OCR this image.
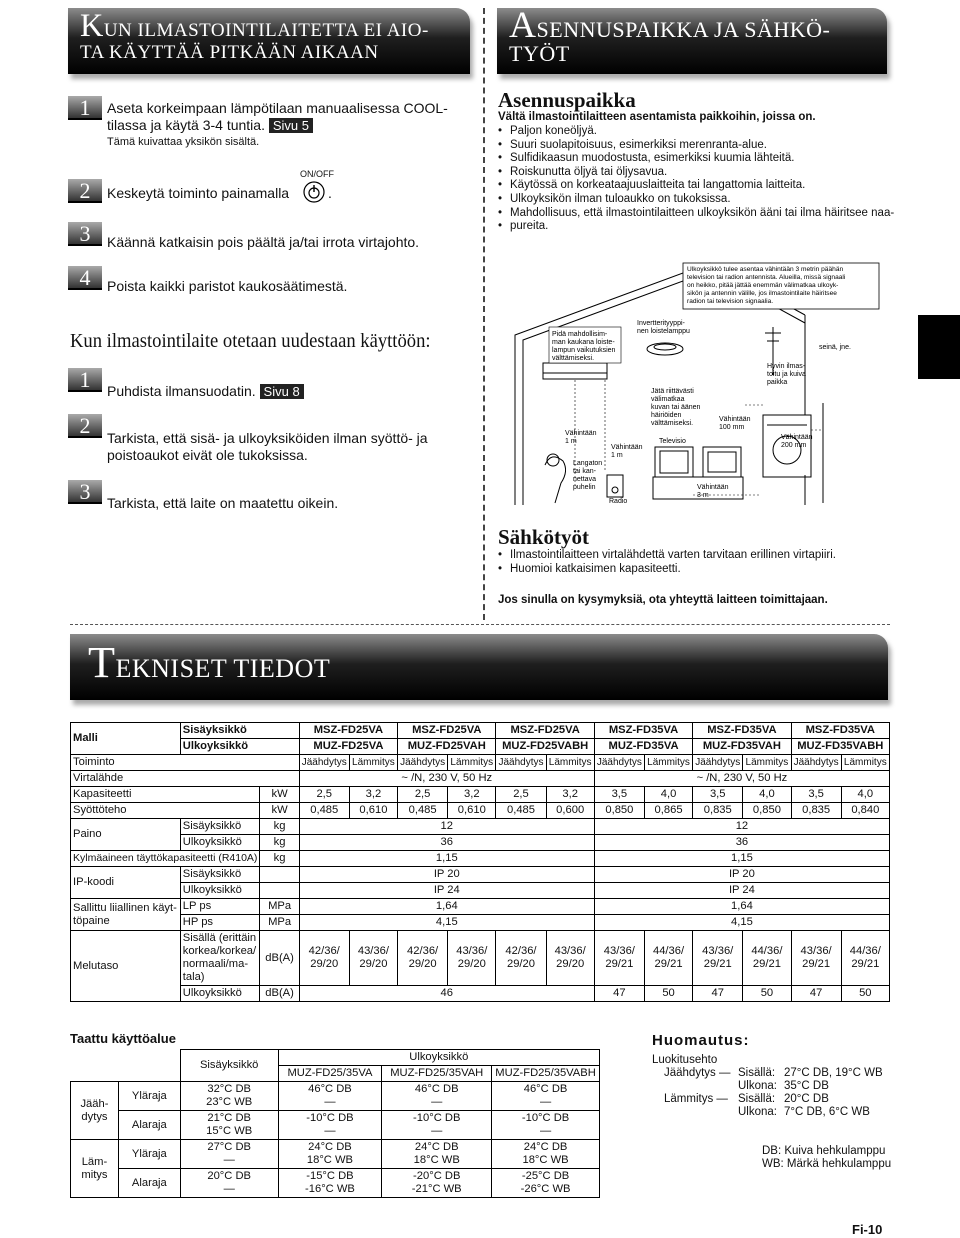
KUN ILMASTOINTILAITETTA EI AIO-
TA KÄYTTÄÄ PITKÄÄN AIKAAN
1	Aseta korkeimpaan lämpötilaan manuaalisessa COOL-
tilassa ja käytä 3-4 tuntia. Sivu 5
Tämä kuivattaa yksikön sisältä.
2	Keskeytä toiminto painamalla
ON/OFF
.
3	Käännä katkaisin pois päältä ja/tai irrota virtajohto.
4	Poista kaikki paristot kaukosäätimestä.
Kun ilmastointilaite otetaan uudestaan käyttöön:
1	Puhdista ilmansuodatin. Sivu 8
2	Tarkista, että sisä- ja ulkoyksiköiden ilman syöttö- ja
poistoaukot eivät ole tukoksissa.
3	Tarkista, että laite on maatettu oikein.
ASENNUSPAIKKA JA SÄHKÖ-
TYÖT
Asennuspaikka
Vältä ilmastointilaitteen asentamista paikkoihin, joissa on.
• Paljon koneöljyä.
• Suuri suolapitoisuus, esimerkiksi merenranta-alue.
• Sulfidikaasun muodostusta, esimerkiksi kuumia lähteitä.
• Roiskunutta öljyä tai öljysavua.
• Käytössä on korkeataajuuslaitteita tai langattomia laitteita.
• Ulkoyksikön ilman tuloaukko on tukoksissa.
• Mahdollisuus, että ilmastointilaitteen ulkoyksikön ääni tai ilma häiritsee naa-
• pureita.
Ulkoyksikkö tulee asentaa vähintään 3 metrin päähän
television tai radion antennista. Alueilla, missä signaali
on heikko, pitää jättää enemmän välimatkaa ulkoyk-
sikön ja antennin välille, jos ilmastointilaite häiritsee
radion tai television signaalia.
Pidä mahdollisim-
man kaukana loiste-
lampun vaikutuksien
välttämiseksi.
Invertterityyppi-
nen loistelamppu
Jätä riittävästi
välimatkaa
kuvan tai äänen
häiriöiden
välttämiseksi.
Vähintään
100 mm
Hyvin ilmas-
toitu ja kuiva
paikka
seinä, jne.
Vähintään
200 mm
Vähintään
1 m
Vähintään
1 m
Langaton
tai kan-
nettava
puhelin
Radio
Televisio
Vähintään
3 m
Sähkötyöt
• Ilmastointilaitteen virtalähdettä varten tarvitaan erillinen virtapiiri.
• Huomioi katkaisimen kapasiteetti.
Jos sinulla on kysymyksiä, ota yhteyttä laitteen toimittajaan.
TEKNISET TIEDOT
Malli	Sisäyksikkö		MSZ-FD25VA		MSZ-FD25VA		MSZ-FD25VA		MSZ-FD35VA		MSZ-FD35VA		MSZ-FD35VA	
	Ulkoyksikkö		MUZ-FD25VA		MUZ-FD25VAH		MUZ-FD25VABH		MUZ-FD35VA		MUZ-FD35VAH		MUZ-FD35VABH	
Toiminto			Jäähdytys	Lämmitys	Jäähdytys	Lämmitys	Jäähdytys	Lämmitys	Jäähdytys	Lämmitys	Jäähdytys	Lämmitys	Jäähdytys	Lämmitys
Virtalähde			~ /N, 230 V, 50 Hz						~ /N, 230 V, 50 Hz					
Kapasiteetti		kW	2,5	3,2	2,5	3,2	2,5	3,2	3,5	4,0	3,5	4,0	3,5	4,0
Syöttöteho		kW	0,485	0,610	0,485	0,610	0,485	0,600	0,850	0,865	0,835	0,850	0,835	0,840
Paino	Sisäyksikkö	kg	12						12					
	Ulkoyksikkö	kg	36						36					
Kylmäaineen täyttökapasiteetti (R410A)		kg	1,15						1,15					
IP-koodi	Sisäyksikkö		IP 20						IP 20					
	Ulkoyksikkö		IP 24						IP 24					
Sallittu liiallinen käyt-
töpaine	LP ps	MPa	1,64						1,64					
	HP ps	MPa	4,15						4,15					
Melutaso	Sisällä (erittäin
korkea/korkea/
normaali/ma-
tala)	dB(A)	42/36/
29/20	43/36/
29/20	42/36/
29/20	43/36/
29/20	42/36/
29/20	43/36/
29/20	43/36/
29/21	44/36/
29/21	43/36/
29/21	44/36/
29/21	43/36/
29/21	44/36/
29/21
	Ulkoyksikkö	dB(A)	46						47	50	47	50	47	50
Taattu käyttöalue
		Sisäyksikkö	Ulkoyksikkö		
			MUZ-FD25/35VA	MUZ-FD25/35VAH	MUZ-FD25/35VABH
Jääh-
dytys	Yläraja	32°C DB
23°C WB	46°C DB
—	46°C DB
—	46°C DB
—
	Alaraja	21°C DB
15°C WB	-10°C DB
—	-10°C DB
—	-10°C DB
—
Läm-
mitys	Yläraja	27°C DB
—	24°C DB
18°C WB	24°C DB
18°C WB	24°C DB
18°C WB
	Alaraja	20°C DB
—	-15°C DB
-16°C WB	-20°C DB
-21°C WB	-25°C DB
-26°C WB
Huomautus:
Luokitusehto
Jäähdytys — Sisällä: 27°C DB, 19°C WB
Ulkona: 35°C DB
Lämmitys — Sisällä: 20°C DB
Ulkona: 7°C DB, 6°C WB
DB: Kuiva hehkulamppu
WB: Märkä hehkulamppu
Fi-10
